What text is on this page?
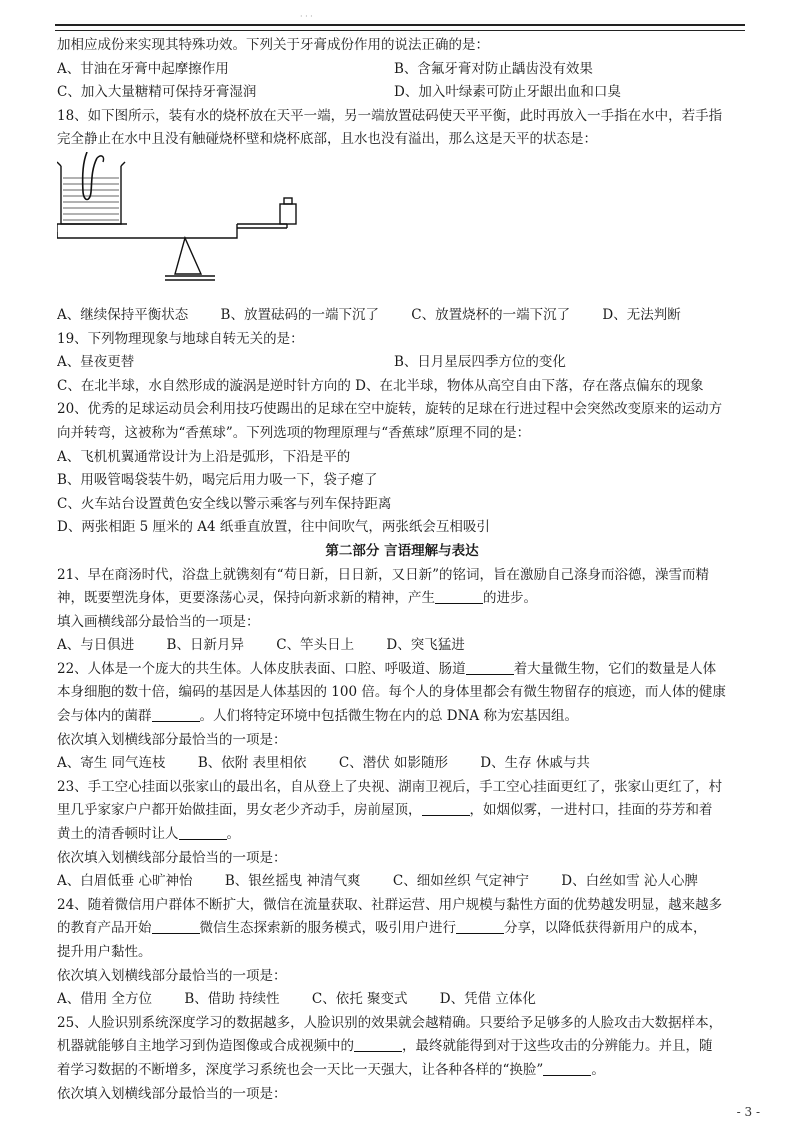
· · ·
加相应成份来实现其特殊功效。下列关于牙膏成份作用的说法正确的是：
A、甘油在牙膏中起摩擦作用	B、含氟牙膏对防止龋齿没有效果
C、加入大量糖精可保持牙膏湿润	D、加入叶绿素可防止牙龈出血和口臭
18、如下图所示，装有水的烧杯放在天平一端，另一端放置砝码使天平平衡，此时再放入一手指在水中，若手指
完全静止在水中且没有触碰烧杯壁和烧杯底部，且水也没有溢出，那么这是天平的状态是：
A、继续保持平衡状态 B、放置砝码的一端下沉了 C、放置烧杯的一端下沉了 D、无法判断
19、下列物理现象与地球自转无关的是：
A、昼夜更替	B、日月星辰四季方位的变化
C、在北半球，水自然形成的漩涡是逆时针方向的 D、在北半球，物体从高空自由下落，存在落点偏东的现象
20、优秀的足球运动员会利用技巧使踢出的足球在空中旋转，旋转的足球在行进过程中会突然改变原来的运动方
向并转弯，这被称为“香蕉球”。下列选项的物理原理与“香蕉球”原理不同的是：
A、飞机机翼通常设计为上沿是弧形，下沿是平的
B、用吸管喝袋装牛奶，喝完后用力吸一下，袋子瘪了
C、火车站台设置黄色安全线以警示乘客与列车保持距离
D、两张相距 5 厘米的 A4 纸垂直放置，往中间吹气，两张纸会互相吸引
第二部分 言语理解与表达
21、早在商汤时代，浴盘上就镌刻有“苟日新，日日新，又日新”的铭词，旨在激励自己涤身而浴德，澡雪而精
神，既要塑洗身体，更要涤荡心灵，保持向新求新的精神，产生	的进步。
填入画横线部分最恰当的一项是：
A、与日俱进 B、日新月异 C、竿头日上 D、突飞猛进
22、人体是一个庞大的共生体。人体皮肤表面、口腔、呼吸道、肠道	着大量微生物，它们的数量是人体
本身细胞的数十倍，编码的基因是人体基因的 100 倍。每个人的身体里都会有微生物留存的痕迹，而人体的健康
会与体内的菌群	。人们将特定环境中包括微生物在内的总 DNA 称为宏基因组。
依次填入划横线部分最恰当的一项是：
A、寄生 同气连枝 B、依附 表里相依 C、潜伏 如影随形 D、生存 休戚与共
23、手工空心挂面以张家山的最出名，自从登上了央视、湖南卫视后，手工空心挂面更红了，张家山更红了，村
里几乎家家户户都开始做挂面，男女老少齐动手，房前屋顶，	，如烟似雾，一进村口，挂面的芬芳和着
黄土的清香顿时让人	。
依次填入划横线部分最恰当的一项是：
A、白眉低垂 心旷神怡 B、银丝摇曳 神清气爽 C、细如丝织 气定神宁 D、白丝如雪 沁人心脾
24、随着微信用户群体不断扩大，微信在流量获取、社群运营、用户规模与黏性方面的优势越发明显，越来越多
的教育产品开始	微信生态探索新的服务模式，吸引用户进行	分享，以降低获得新用户的成本，
提升用户黏性。
依次填入划横线部分最恰当的一项是：
A、借用 全方位 B、借助 持续性 C、依托 聚变式 D、凭借 立体化
25、人脸识别系统深度学习的数据越多，人脸识别的效果就会越精确。只要给予足够多的人脸攻击大数据样本，
机器就能够自主地学习到伪造图像或合成视频中的	，最终就能得到对于这些攻击的分辨能力。并且，随
着学习数据的不断增多，深度学习系统也会一天比一天强大，让各种各样的“换脸”	。
依次填入划横线部分最恰当的一项是：
- 3 -
